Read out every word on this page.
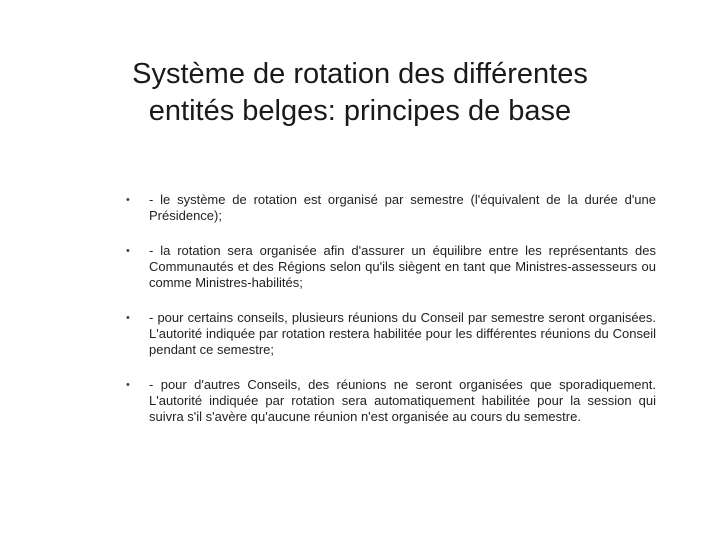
Système de rotation des différentes
entités belges: principes de base
• - le système de rotation est organisé par semestre (l'équivalent de la durée d'une Présidence);
• - la rotation sera organisée afin d'assurer un équilibre entre les représentants des Communautés et des Régions selon qu'ils siègent en tant que Ministres-assesseurs ou comme Ministres-habilités;
• - pour certains conseils, plusieurs réunions du Conseil par semestre seront organisées. L'autorité indiquée par rotation restera habilitée pour les différentes réunions du Conseil pendant ce semestre;
• - pour d'autres Conseils, des réunions ne seront organisées que sporadiquement. L'autorité indiquée par rotation sera automatiquement habilitée pour la session qui suivra s'il s'avère qu'aucune réunion n'est organisée au cours du semestre.
